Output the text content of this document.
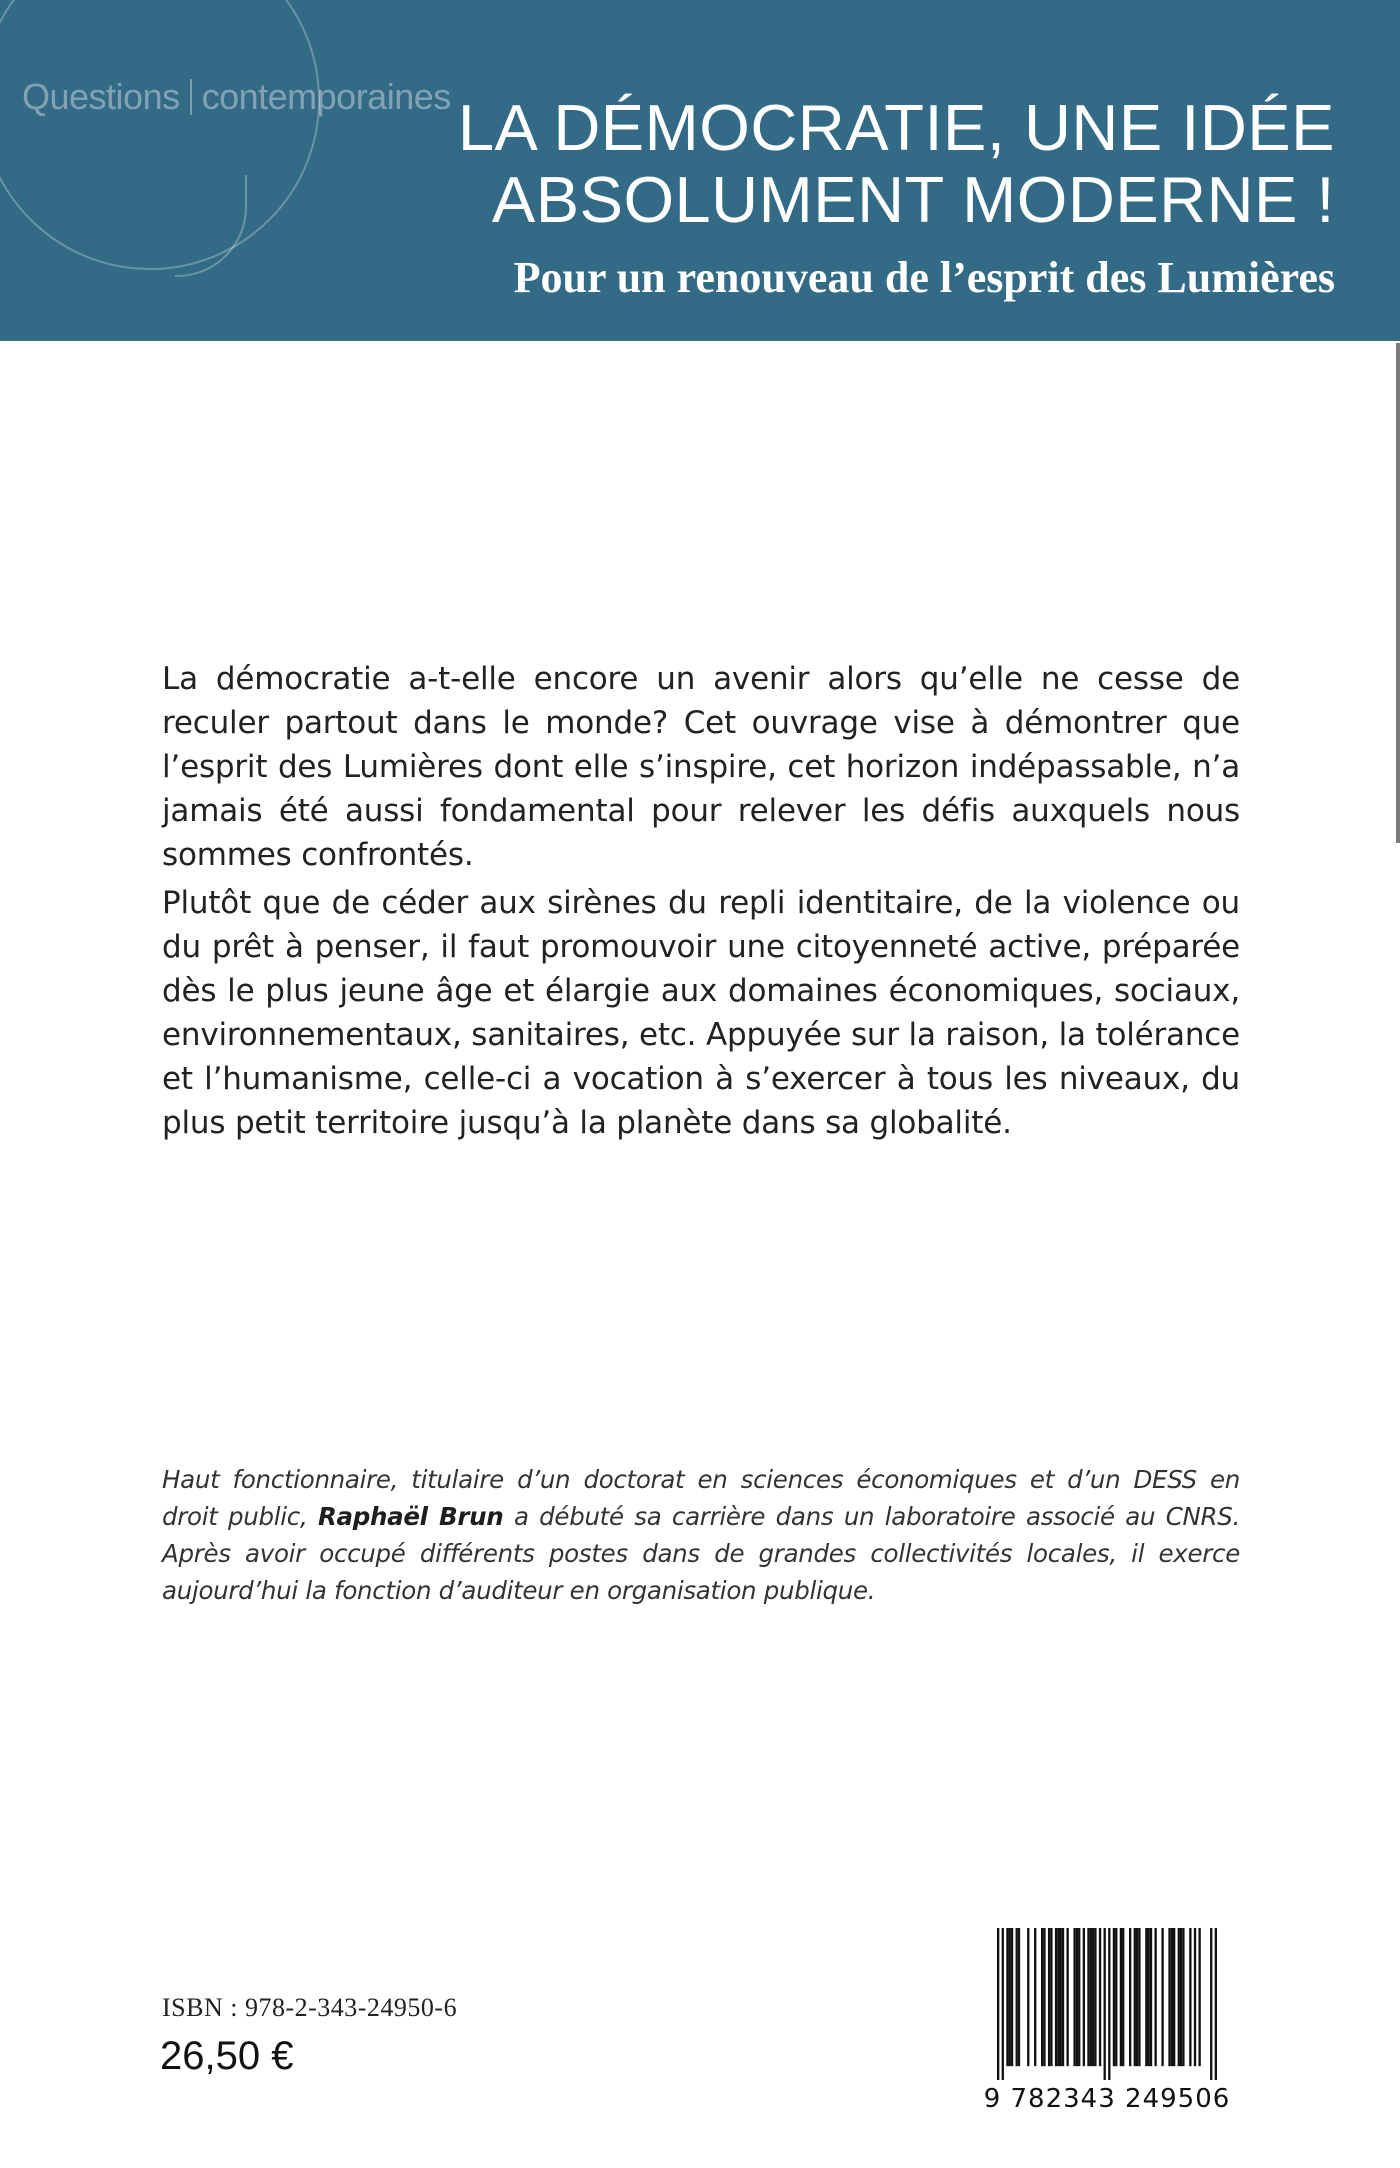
Questions contemporaines LA DÉMOCRATIE, UNE IDÉE
ABSOLUMENT MODERNE !
Pour un renouveau de l’esprit des Lumières

La démocratie a-t-elle encore un avenir alors qu’elle ne cesse de reculer partout dans le monde? Cet ouvrage vise à démontrer que l’esprit des Lumières dont elle s’inspire, cet horizon indépassable, n’a jamais été aussi fondamental pour relever les défis auxquels nous sommes confrontés.

Plutôt que de céder aux sirènes du repli identitaire, de la violence ou du prêt à penser, il faut promouvoir une citoyenneté active, préparée dès le plus jeune âge et élargie aux domaines économiques, sociaux, environnementaux, sanitaires, etc. Appuyée sur la raison, la tolérance et l’humanisme, celle-ci a vocation à s’exercer à tous les niveaux, du plus petit territoire jusqu’à la planète dans sa globalité.

Haut fonctionnaire, titulaire d’un doctorat en sciences économiques et d’un DESS en droit public, Raphaël Brun a débuté sa carrière dans un laboratoire associé au CNRS. Après avoir occupé différents postes dans de grandes collectivités locales, il exerce aujourd’hui la fonction d’auditeur en organisation publique.

ISBN : 978-2-343-24950-6
26,50 €
9 782343 249506
